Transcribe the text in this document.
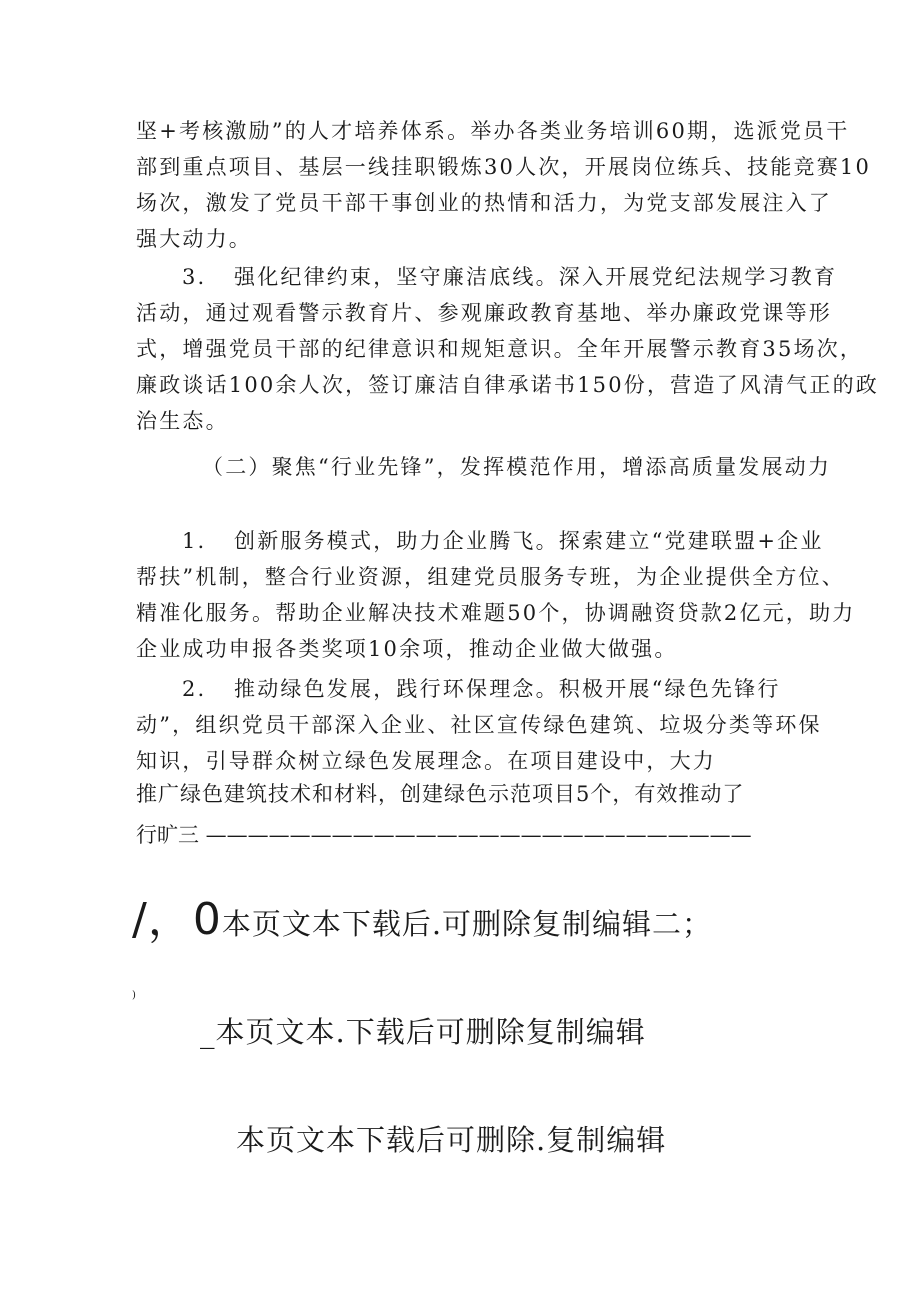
坚+考核激励”的人才培养体系。举办各类业务培训60期，选派党员干
部到重点项目、基层一线挂职锻炼30人次，开展岗位练兵、技能竞赛10
场次，激发了党员干部干事创业的热情和活力，为党支部发展注入了
强大动力。
3. 强化纪律约束，坚守廉洁底线。深入开展党纪法规学习教育
活动，通过观看警示教育片、参观廉政教育基地、举办廉政党课等形
式，增强党员干部的纪律意识和规矩意识。全年开展警示教育35场次，
廉政谈话100余人次，签订廉洁自律承诺书150份，营造了风清气正的政
治生态。
（二）聚焦“行业先锋”，发挥模范作用，增添高质量发展动力
1. 创新服务模式，助力企业腾飞。探索建立“党建联盟+企业
帮扶”机制，整合行业资源，组建党员服务专班，为企业提供全方位、
精准化服务。帮助企业解决技术难题50个，协调融资贷款2亿元，助力
企业成功申报各类奖项10余项，推动企业做大做强。
2. 推动绿色发展，践行环保理念。积极开展“绿色先锋行
动”，组织党员干部深入企业、社区宣传绿色建筑、垃圾分类等环保
知识，引导群众树立绿色发展理念。在项目建设中，大力
推广绿色建筑技术和材料，创建绿色示范项目5个，有效推动了
行旷三 ——————————————————————————
/，0本页文本下载后.可删除复制编辑二；
)
_本页文本.下载后可删除复制编辑
本页文本下载后可删除.复制编辑
